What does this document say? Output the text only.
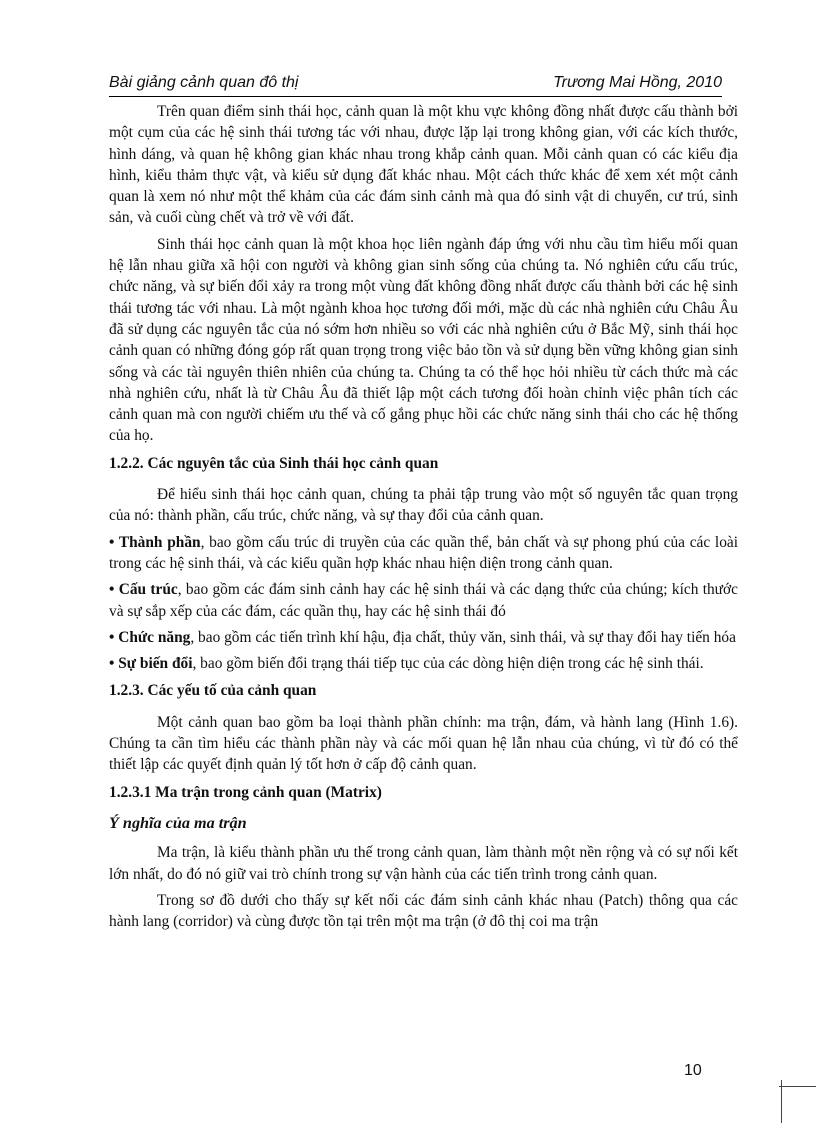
Bài giảng cảnh quan đô thị	Trương Mai Hồng, 2010

Trên quan điểm sinh thái học, cảnh quan là một khu vực không đồng nhất được cấu thành bởi một cụm của các hệ sinh thái tương tác với nhau, được lặp lại trong không gian, với các kích thước, hình dáng, và quan hệ không gian khác nhau trong khắp cảnh quan. Mỗi cảnh quan có các kiểu địa hình, kiểu thảm thực vật, và kiểu sử dụng đất khác nhau. Một cách thức khác để xem xét một cảnh quan là xem nó như một thể khảm của các đám sinh cảnh mà qua đó sinh vật di chuyển, cư trú, sinh sản, và cuối cùng chết và trở về với đất.

Sinh thái học cảnh quan là một khoa học liên ngành đáp ứng với nhu cầu tìm hiểu mối quan hệ lẫn nhau giữa xã hội con người và không gian sinh sống của chúng ta. Nó nghiên cứu cấu trúc, chức năng, và sự biến đổi xảy ra trong một vùng đất không đồng nhất được cấu thành bởi các hệ sinh thái tương tác với nhau. Là một ngành khoa học tương đối mới, mặc dù các nhà nghiên cứu Châu Âu đã sử dụng các nguyên tắc của nó sớm hơn nhiều so với các nhà nghiên cứu ở Bắc Mỹ, sinh thái học cảnh quan có những đóng góp rất quan trọng trong việc bảo tồn và sử dụng bền vững không gian sinh sống và các tài nguyên thiên nhiên của chúng ta. Chúng ta có thể học hỏi nhiều từ cách thức mà các nhà nghiên cứu, nhất là từ Châu Âu đã thiết lập một cách tương đối hoàn chỉnh việc phân tích các cảnh quan mà con người chiếm ưu thế và cố gắng phục hồi các chức năng sinh thái cho các hệ thống của họ.

1.2.2. Các nguyên tắc của Sinh thái học cảnh quan

Để hiểu sinh thái học cảnh quan, chúng ta phải tập trung vào một số nguyên tắc quan trọng của nó: thành phần, cấu trúc, chức năng, và sự thay đổi của cảnh quan.

• Thành phần, bao gồm cấu trúc di truyền của các quần thể, bản chất và sự phong phú của các loài trong các hệ sinh thái, và các kiểu quần hợp khác nhau hiện diện trong cảnh quan.

• Cấu trúc, bao gồm các đám sinh cảnh hay các hệ sinh thái và các dạng thức của chúng; kích thước và sự sắp xếp của các đám, các quần thụ, hay các hệ sinh thái đó

• Chức năng, bao gồm các tiến trình khí hậu, địa chất, thủy văn, sinh thái, và sự thay đổi hay tiến hóa

• Sự biến đổi, bao gồm biến đổi trạng thái tiếp tục của các dòng hiện diện trong các hệ sinh thái.

1.2.3. Các yếu tố của cảnh quan

Một cảnh quan bao gồm ba loại thành phần chính: ma trận, đám, và hành lang (Hình 1.6). Chúng ta cần tìm hiểu các thành phần này và các mối quan hệ lẫn nhau của chúng, vì từ đó có thể thiết lập các quyết định quản lý tốt hơn ở cấp độ cảnh quan.

1.2.3.1 Ma trận trong cảnh quan (Matrix)

Ý nghĩa của ma trận

Ma trận, là kiểu thành phần ưu thế trong cảnh quan, làm thành một nền rộng và có sự nối kết lớn nhất, do đó nó giữ vai trò chính trong sự vận hành của các tiến trình trong cảnh quan.

Trong sơ đồ dưới cho thấy sự kết nối các đám sinh cảnh khác nhau (Patch) thông qua các hành lang (corridor) và cùng được tồn tại trên một ma trận (ở đô thị coi ma trận

10
